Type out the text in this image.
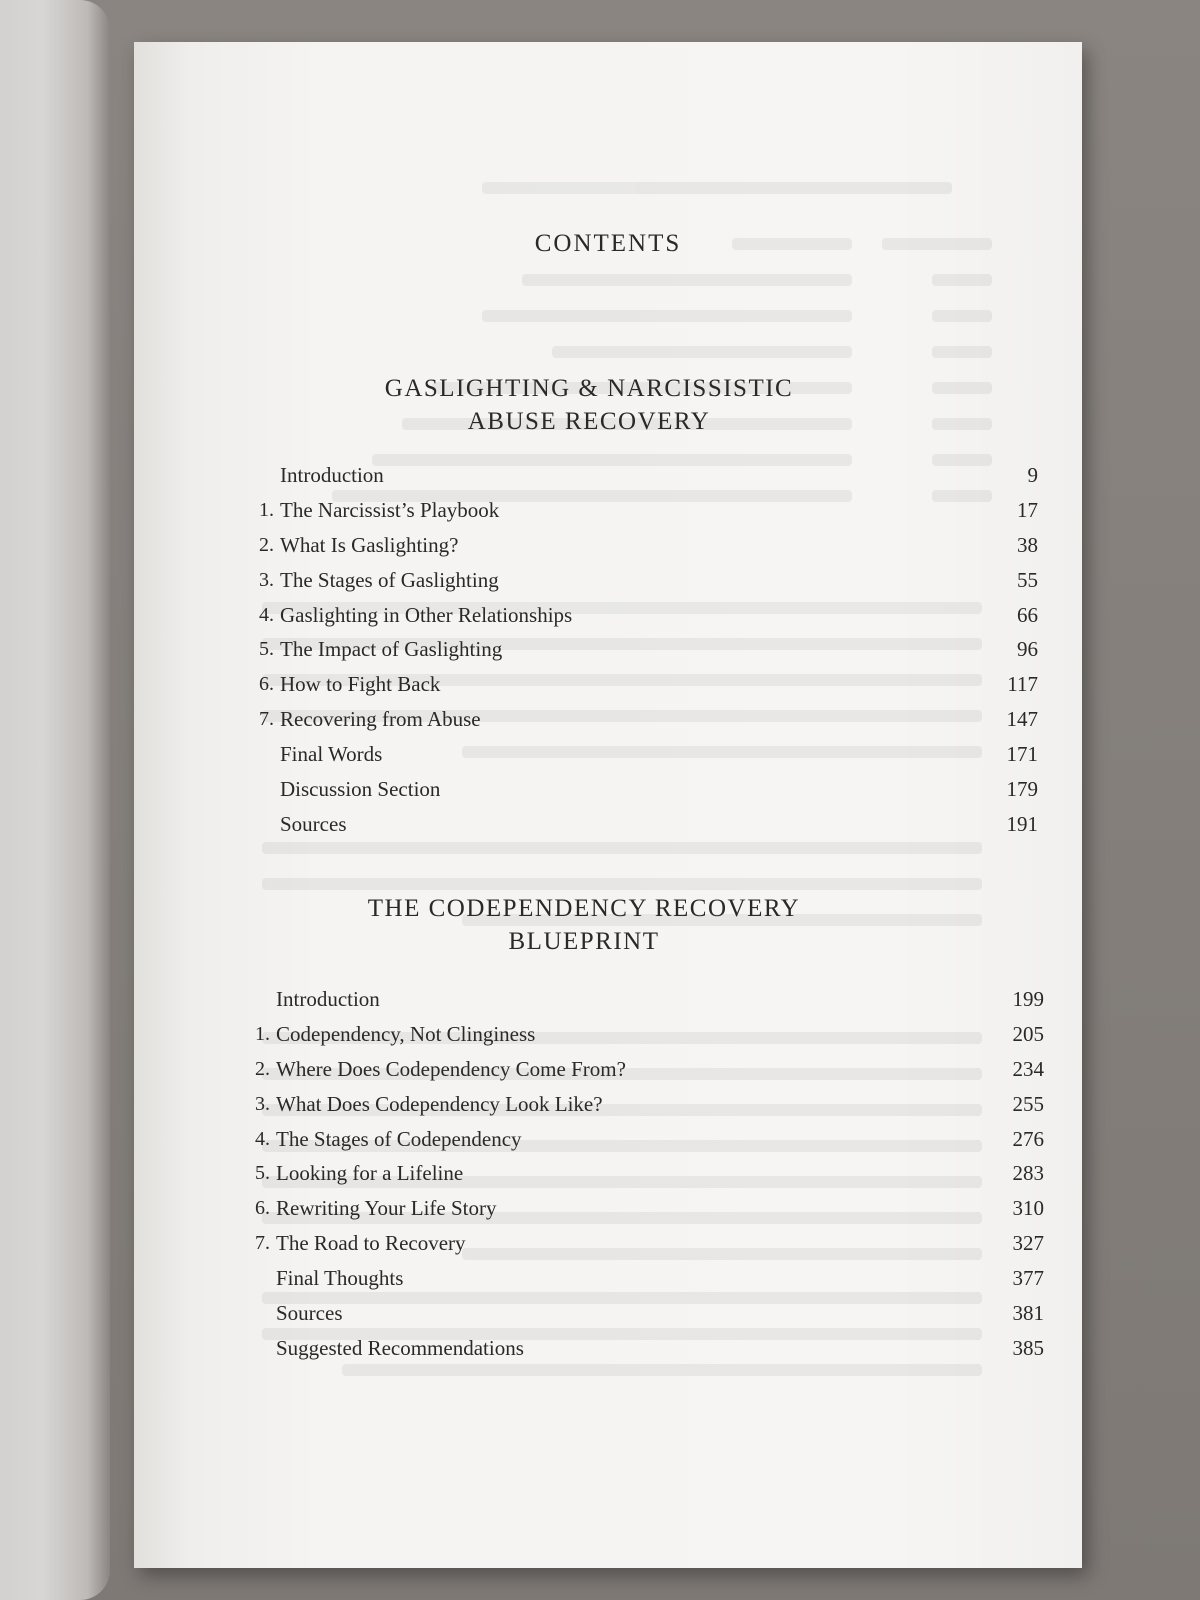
CONTENTS
GASLIGHTING & NARCISSISTIC
ABUSE RECOVERY
Introduction	9
1. The Narcissist’s Playbook	17
2. What Is Gaslighting?	38
3. The Stages of Gaslighting	55
4. Gaslighting in Other Relationships	66
5. The Impact of Gaslighting	96
6. How to Fight Back	117
7. Recovering from Abuse	147
Final Words	171
Discussion Section	179
Sources	191
THE CODEPENDENCY RECOVERY
BLUEPRINT
Introduction	199
1. Codependency, Not Clinginess	205
2. Where Does Codependency Come From?	234
3. What Does Codependency Look Like?	255
4. The Stages of Codependency	276
5. Looking for a Lifeline	283
6. Rewriting Your Life Story	310
7. The Road to Recovery	327
Final Thoughts	377
Sources	381
Suggested Recommendations	385
